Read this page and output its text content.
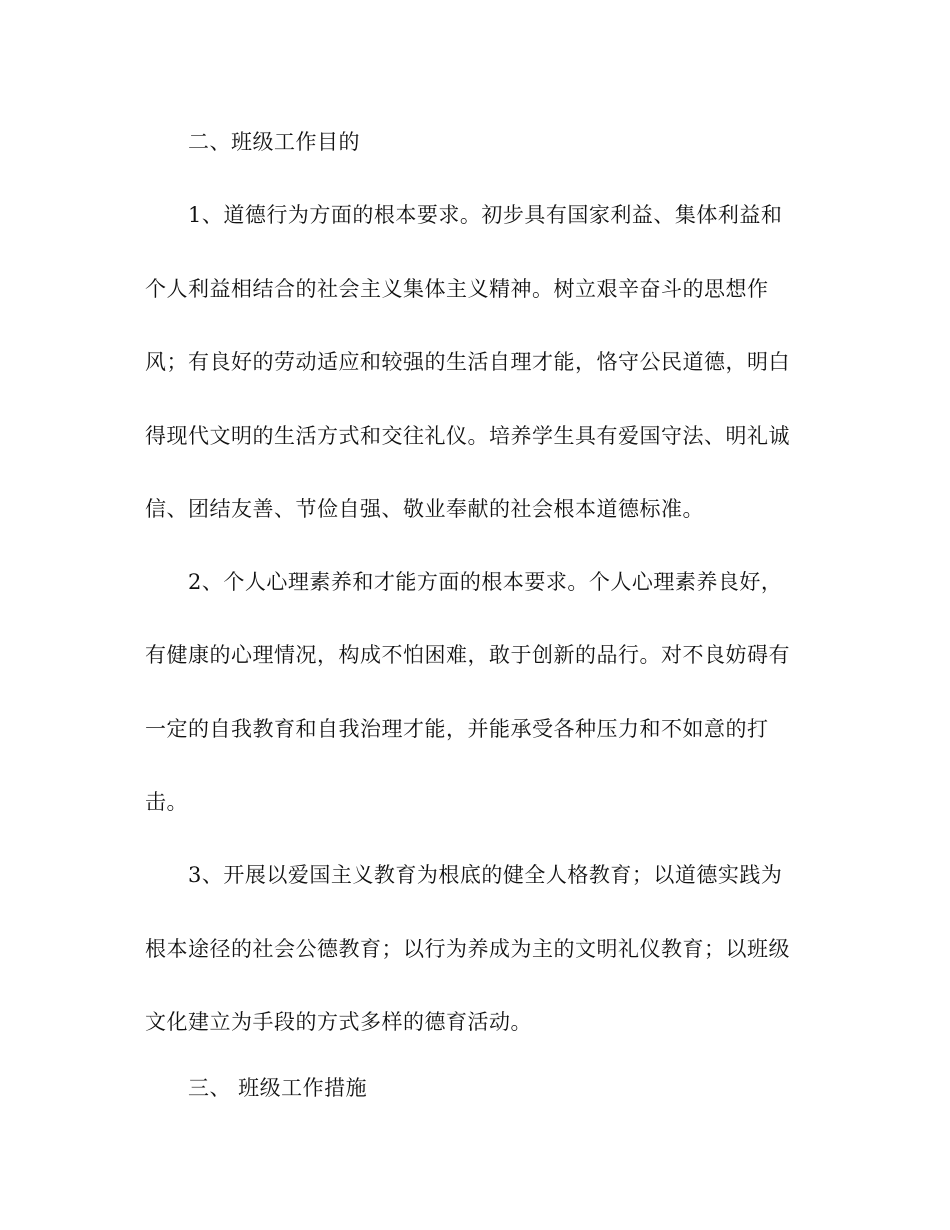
二、班级工作目的
1、道德行为方面的根本要求。初步具有国家利益、集体利益和
个人利益相结合的社会主义集体主义精神。树立艰辛奋斗的思想作
风；有良好的劳动适应和较强的生活自理才能，恪守公民道德，明白
得现代文明的生活方式和交往礼仪。培养学生具有爱国守法、明礼诚
信、团结友善、节俭自强、敬业奉献的社会根本道德标准。
2、个人心理素养和才能方面的根本要求。个人心理素养良好，
有健康的心理情况，构成不怕困难，敢于创新的品行。对不良妨碍有
一定的自我教育和自我治理才能，并能承受各种压力和不如意的打
击。
3、开展以爱国主义教育为根底的健全人格教育；以道德实践为
根本途径的社会公德教育；以行为养成为主的文明礼仪教育；以班级
文化建立为手段的方式多样的德育活动。
三、 班级工作措施
